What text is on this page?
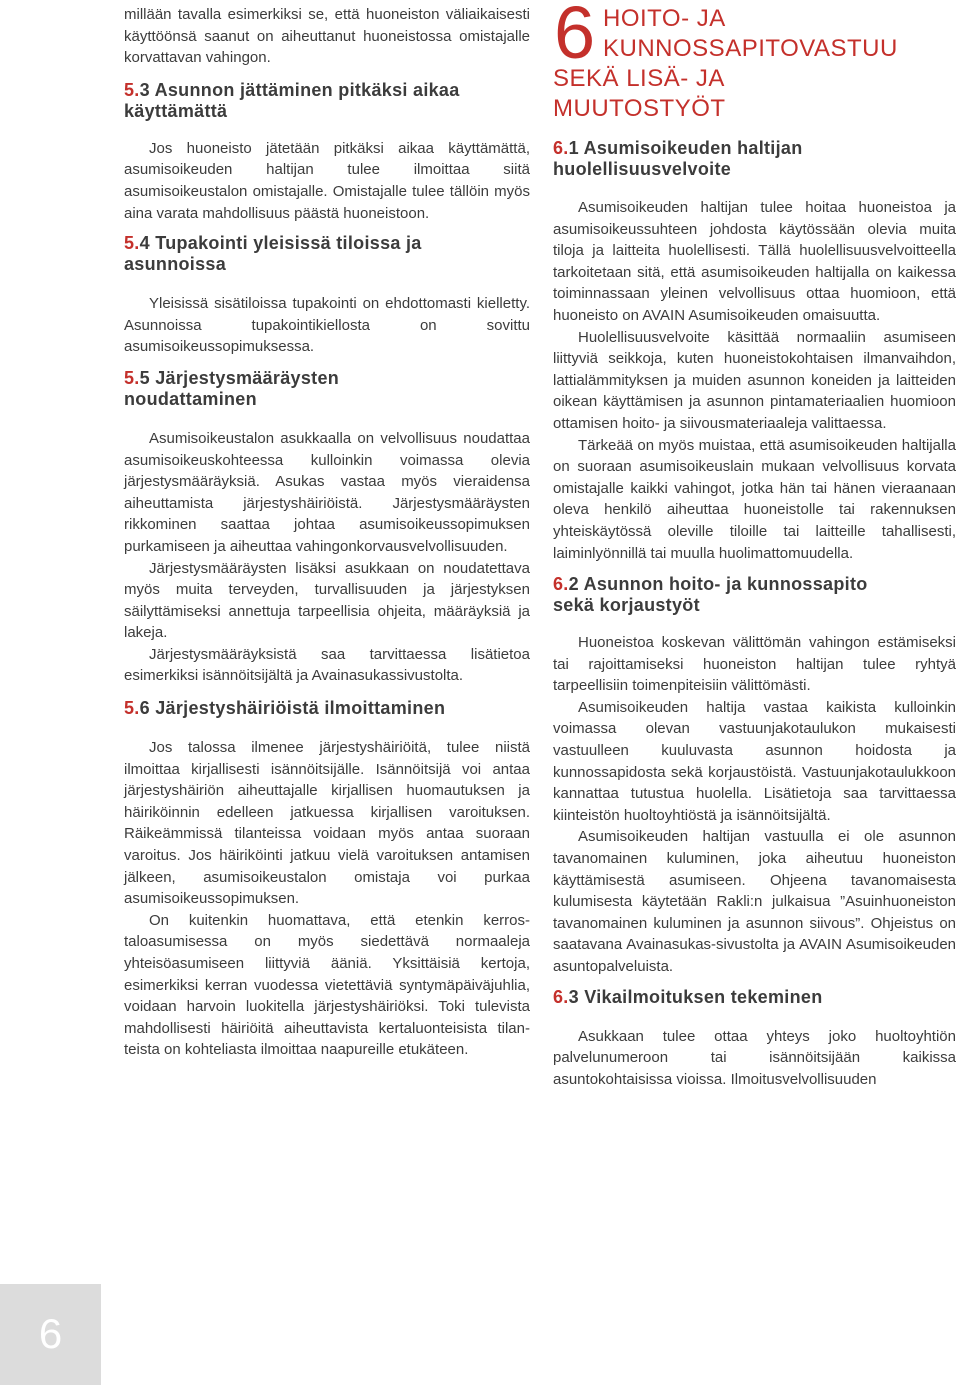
millään tavalla esimerkiksi se, että huoneiston väliaikaisesti käyttöönsä saanut on aiheuttanut huoneistossa omistajalle korvattavan vahingon.

5.3 Asunnon jättäminen pitkäksi aikaa
käyttämättä

Jos huoneisto jätetään pitkäksi aikaa käyttämättä, asumisoikeuden haltijan tulee ilmoittaa siitä asumisoikeustalon omistajalle. Omistajalle tulee tällöin myös aina varata mahdollisuus päästä huoneistoon.

5.4 Tupakointi yleisissä tiloissa ja
asunnoissa

Yleisissä sisätiloissa tupakointi on ehdottomasti kielletty. Asunnoissa tupakointikiellosta on sovittu asumisoikeussopimuksessa.

5.5 Järjestysmääräysten
noudattaminen

Asumisoikeustalon asukkaalla on velvollisuus noudattaa asumisoikeuskohteessa kulloinkin voimassa olevia järjestysmääräyksiä. Asukas vastaa myös vieraidensa aiheuttamista järjestyshäiriöistä. Järjestysmääräysten rikkominen saattaa johtaa asumisoikeussopimuksen purkamiseen ja aiheuttaa vahingonkorvausvelvollisuuden.

Järjestysmääräysten lisäksi asukkaan on noudatettava myös muita terveyden, turvallisuuden ja järjestyksen säilyttämiseksi annettuja tarpeellisia ohjeita, määräyksiä ja lakeja.

Järjestysmääräyksistä saa tarvittaessa lisätietoa esimerkiksi isännöitsijältä ja Avainasukassivustolta.

5.6 Järjestyshäiriöistä ilmoittaminen

Jos talossa ilmenee järjestyshäiriöitä, tulee niistä ilmoittaa kirjallisesti isännöitsijälle. Isännöitsijä voi antaa järjestyshäiriön aiheuttajalle kirjallisen huomautuksen ja häiriköinnin edelleen jatkuessa kirjallisen varoituksen. Räikeämmissä tilanteissa voidaan myös antaa suoraan varoitus. Jos häiriköinti jatkuu vielä varoituksen antamisen jälkeen, asumisoikeustalon omistaja voi purkaa asumisoikeussopimuksen.

On kuitenkin huomattava, että etenkin kerrostaloasumisessa on myös siedettävä normaaleja yhteisöasumiseen liittyviä ääniä. Yksittäisiä kertoja, esimerkiksi kerran vuodessa vietettäviä syntymäpäiväjuhlia, voidaan harvoin luokitella järjestyshäiriöksi. Toki tulevista mahdollisesti häiriöitä aiheuttavista kertaluonteisista tilanteista on kohteliasta ilmoittaa naapureille etukäteen.

6 HOITO- JA
KUNNOSSAPITOVASTUU
SEKÄ LISÄ- JA
MUUTOSTYÖT
6.1 Asumisoikeuden haltijan
huolellisuusvelvoite

Asumisoikeuden haltijan tulee hoitaa huoneistoa ja asumisoikeussuhteen johdosta käytössään olevia muita tiloja ja laitteita huolellisesti. Tällä huolellisuusvelvoitteella tarkoitetaan sitä, että asumisoikeuden haltijalla on kaikessa toiminnassaan yleinen velvollisuus ottaa huomioon, että huoneisto on AVAIN Asumisoikeuden omaisuutta.

Huolellisuusvelvoite käsittää normaaliin asumiseen liittyviä seikkoja, kuten huoneistokohtaisen ilmanvaihdon, lattialämmityksen ja muiden asunnon koneiden ja laitteiden oikean käyttämisen ja asunnon pintamateriaalien huomioon ottamisen hoito- ja siivousmateriaaleja valittaessa.

Tärkeää on myös muistaa, että asumisoikeuden haltijalla on suoraan asumisoikeuslain mukaan velvollisuus korvata omistajalle kaikki vahingot, jotka hän tai hänen vieraanaan oleva henkilö aiheuttaa huoneistolle tai rakennuksen yhteiskäytössä oleville tiloille tai laitteille tahallisesti, laiminlyönnillä tai muulla huolimattomuudella.

6.2 Asunnon hoito- ja kunnossapito
sekä korjaustyöt

Huoneistoa koskevan välittömän vahingon estämiseksi tai rajoittamiseksi huoneiston haltijan tulee ryhtyä tarpeellisiin toimenpiteisiin välittömästi.

Asumisoikeuden haltija vastaa kaikista kulloinkin voimassa olevan vastuunjakotaulukon mukaisesti vastuulleen kuuluvasta asunnon hoidosta ja kunnossapidosta sekä korjaustöistä. Vastuunjakotaulukkoon kannattaa tutustua huolella. Lisätietoja saa tarvittaessa kiinteistön huoltoyhtiöstä ja isännöitsijältä.

Asumisoikeuden haltijan vastuulla ei ole asunnon tavanomainen kuluminen, joka aiheutuu huoneiston käyttämisestä asumiseen. Ohjeena tavanomaisesta kulumisesta käytetään Rakli:n julkaisua ”Asuinhuoneiston tavanomainen kuluminen ja asunnon siivous”. Ohjeistus on saatavana Avainasukas-sivustolta ja AVAIN Asumisoikeuden asuntopalveluista.

6.3 Vikailmoituksen tekeminen

Asukkaan tulee ottaa yhteys joko huoltoyhtiön palvelunumeroon tai isännöitsijään kaikissa asuntokohtaisissa vioissa. Ilmoitusvelvollisuuden

6
